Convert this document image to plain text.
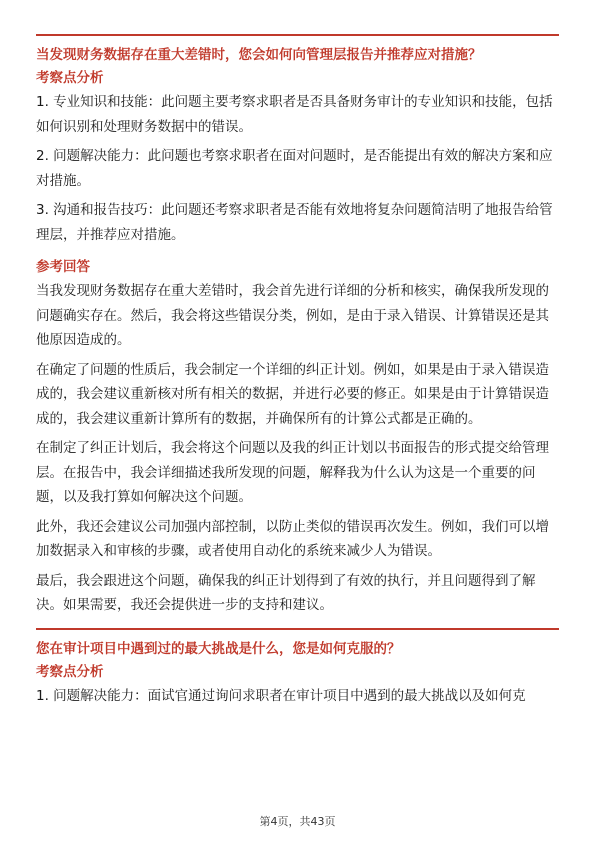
当发现财务数据存在重大差错时，您会如何向管理层报告并推荐应对措施？
考察点分析
1. 专业知识和技能：此问题主要考察求职者是否具备财务审计的专业知识和技能，包括如何识别和处理财务数据中的错误。
2. 问题解决能力：此问题也考察求职者在面对问题时，是否能提出有效的解决方案和应对措施。
3. 沟通和报告技巧：此问题还考察求职者是否能有效地将复杂问题简洁明了地报告给管理层，并推荐应对措施。
参考回答
当我发现财务数据存在重大差错时，我会首先进行详细的分析和核实，确保我所发现的问题确实存在。然后，我会将这些错误分类，例如，是由于录入错误、计算错误还是其他原因造成的。
在确定了问题的性质后，我会制定一个详细的纠正计划。例如，如果是由于录入错误造成的，我会建议重新核对所有相关的数据，并进行必要的修正。如果是由于计算错误造成的，我会建议重新计算所有的数据，并确保所有的计算公式都是正确的。
在制定了纠正计划后，我会将这个问题以及我的纠正计划以书面报告的形式提交给管理层。在报告中，我会详细描述我所发现的问题，解释我为什么认为这是一个重要的问题，以及我打算如何解决这个问题。
此外，我还会建议公司加强内部控制，以防止类似的错误再次发生。例如，我们可以增加数据录入和审核的步骤，或者使用自动化的系统来减少人为错误。
最后，我会跟进这个问题，确保我的纠正计划得到了有效的执行，并且问题得到了解决。如果需要，我还会提供进一步的支持和建议。
您在审计项目中遇到过的最大挑战是什么，您是如何克服的？
考察点分析
1. 问题解决能力：面试官通过询问求职者在审计项目中遇到的最大挑战以及如何克
第4页，共43页
